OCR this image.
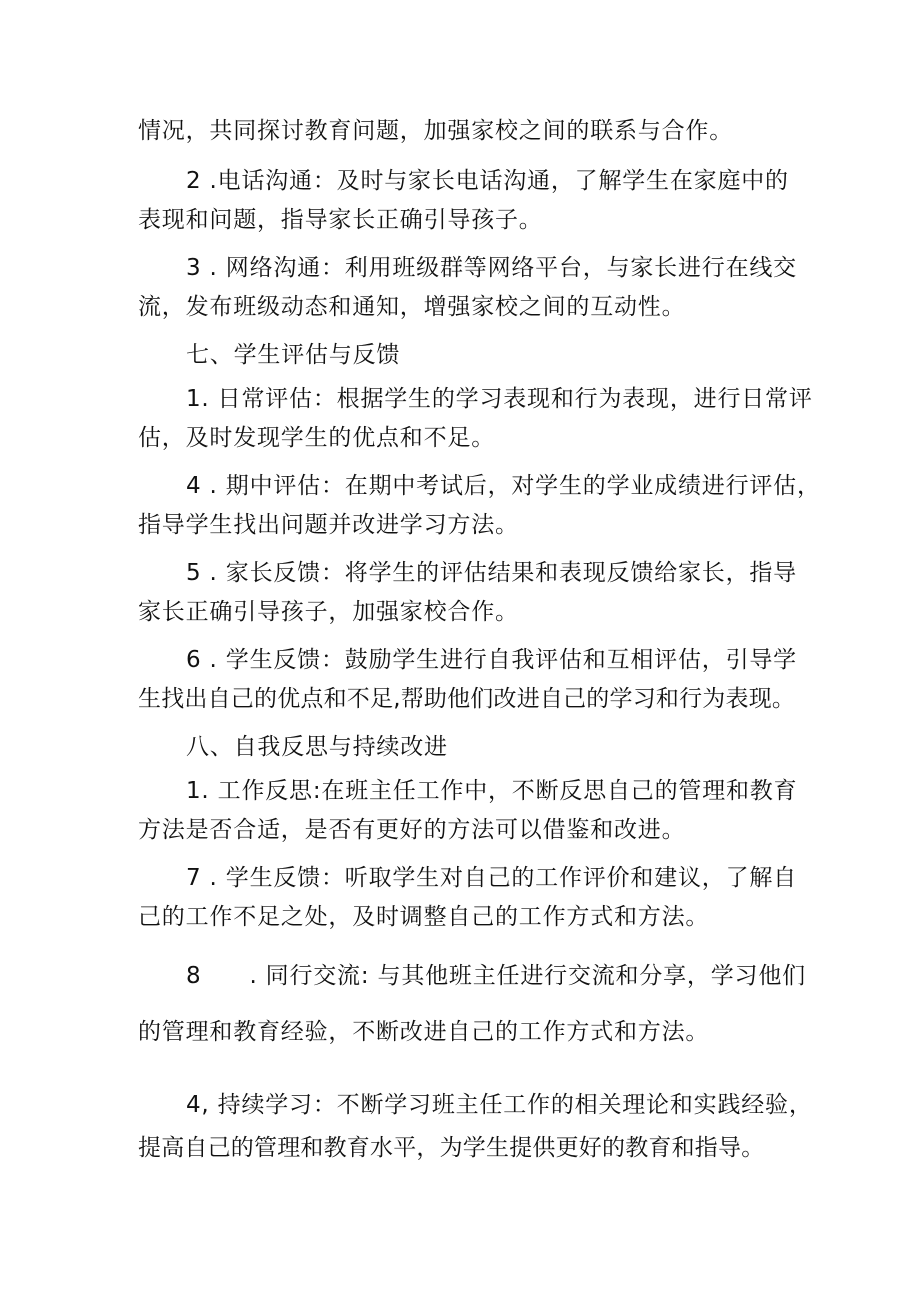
情况，共同探讨教育问题，加强家校之间的联系与合作。
2 .电话沟通：及时与家长电话沟通，了解学生在家庭中的
表现和问题，指导家长正确引导孩子。
3 . 网络沟通：利用班级群等网络平台，与家长进行在线交
流，发布班级动态和通知，增强家校之间的互动性。
七、学生评估与反馈
1. 日常评估：根据学生的学习表现和行为表现，进行日常评
估，及时发现学生的优点和不足。
4 . 期中评估：在期中考试后，对学生的学业成绩进行评估，
指导学生找出问题并改进学习方法。
5 . 家长反馈：将学生的评估结果和表现反馈给家长，指导
家长正确引导孩子，加强家校合作。
6 . 学生反馈：鼓励学生进行自我评估和互相评估，引导学
生找出自己的优点和不足,帮助他们改进自己的学习和行为表现。
八、自我反思与持续改进
1. 工作反思:在班主任工作中，不断反思自己的管理和教育
方法是否合适，是否有更好的方法可以借鉴和改进。
7 . 学生反馈：听取学生对自己的工作评价和建议，了解自
己的工作不足之处，及时调整自己的工作方式和方法。
8 . 同行交流: 与其他班主任进行交流和分享，学习他们
的管理和教育经验，不断改进自己的工作方式和方法。
4, 持续学习：不断学习班主任工作的相关理论和实践经验，
提高自己的管理和教育水平，为学生提供更好的教育和指导。
